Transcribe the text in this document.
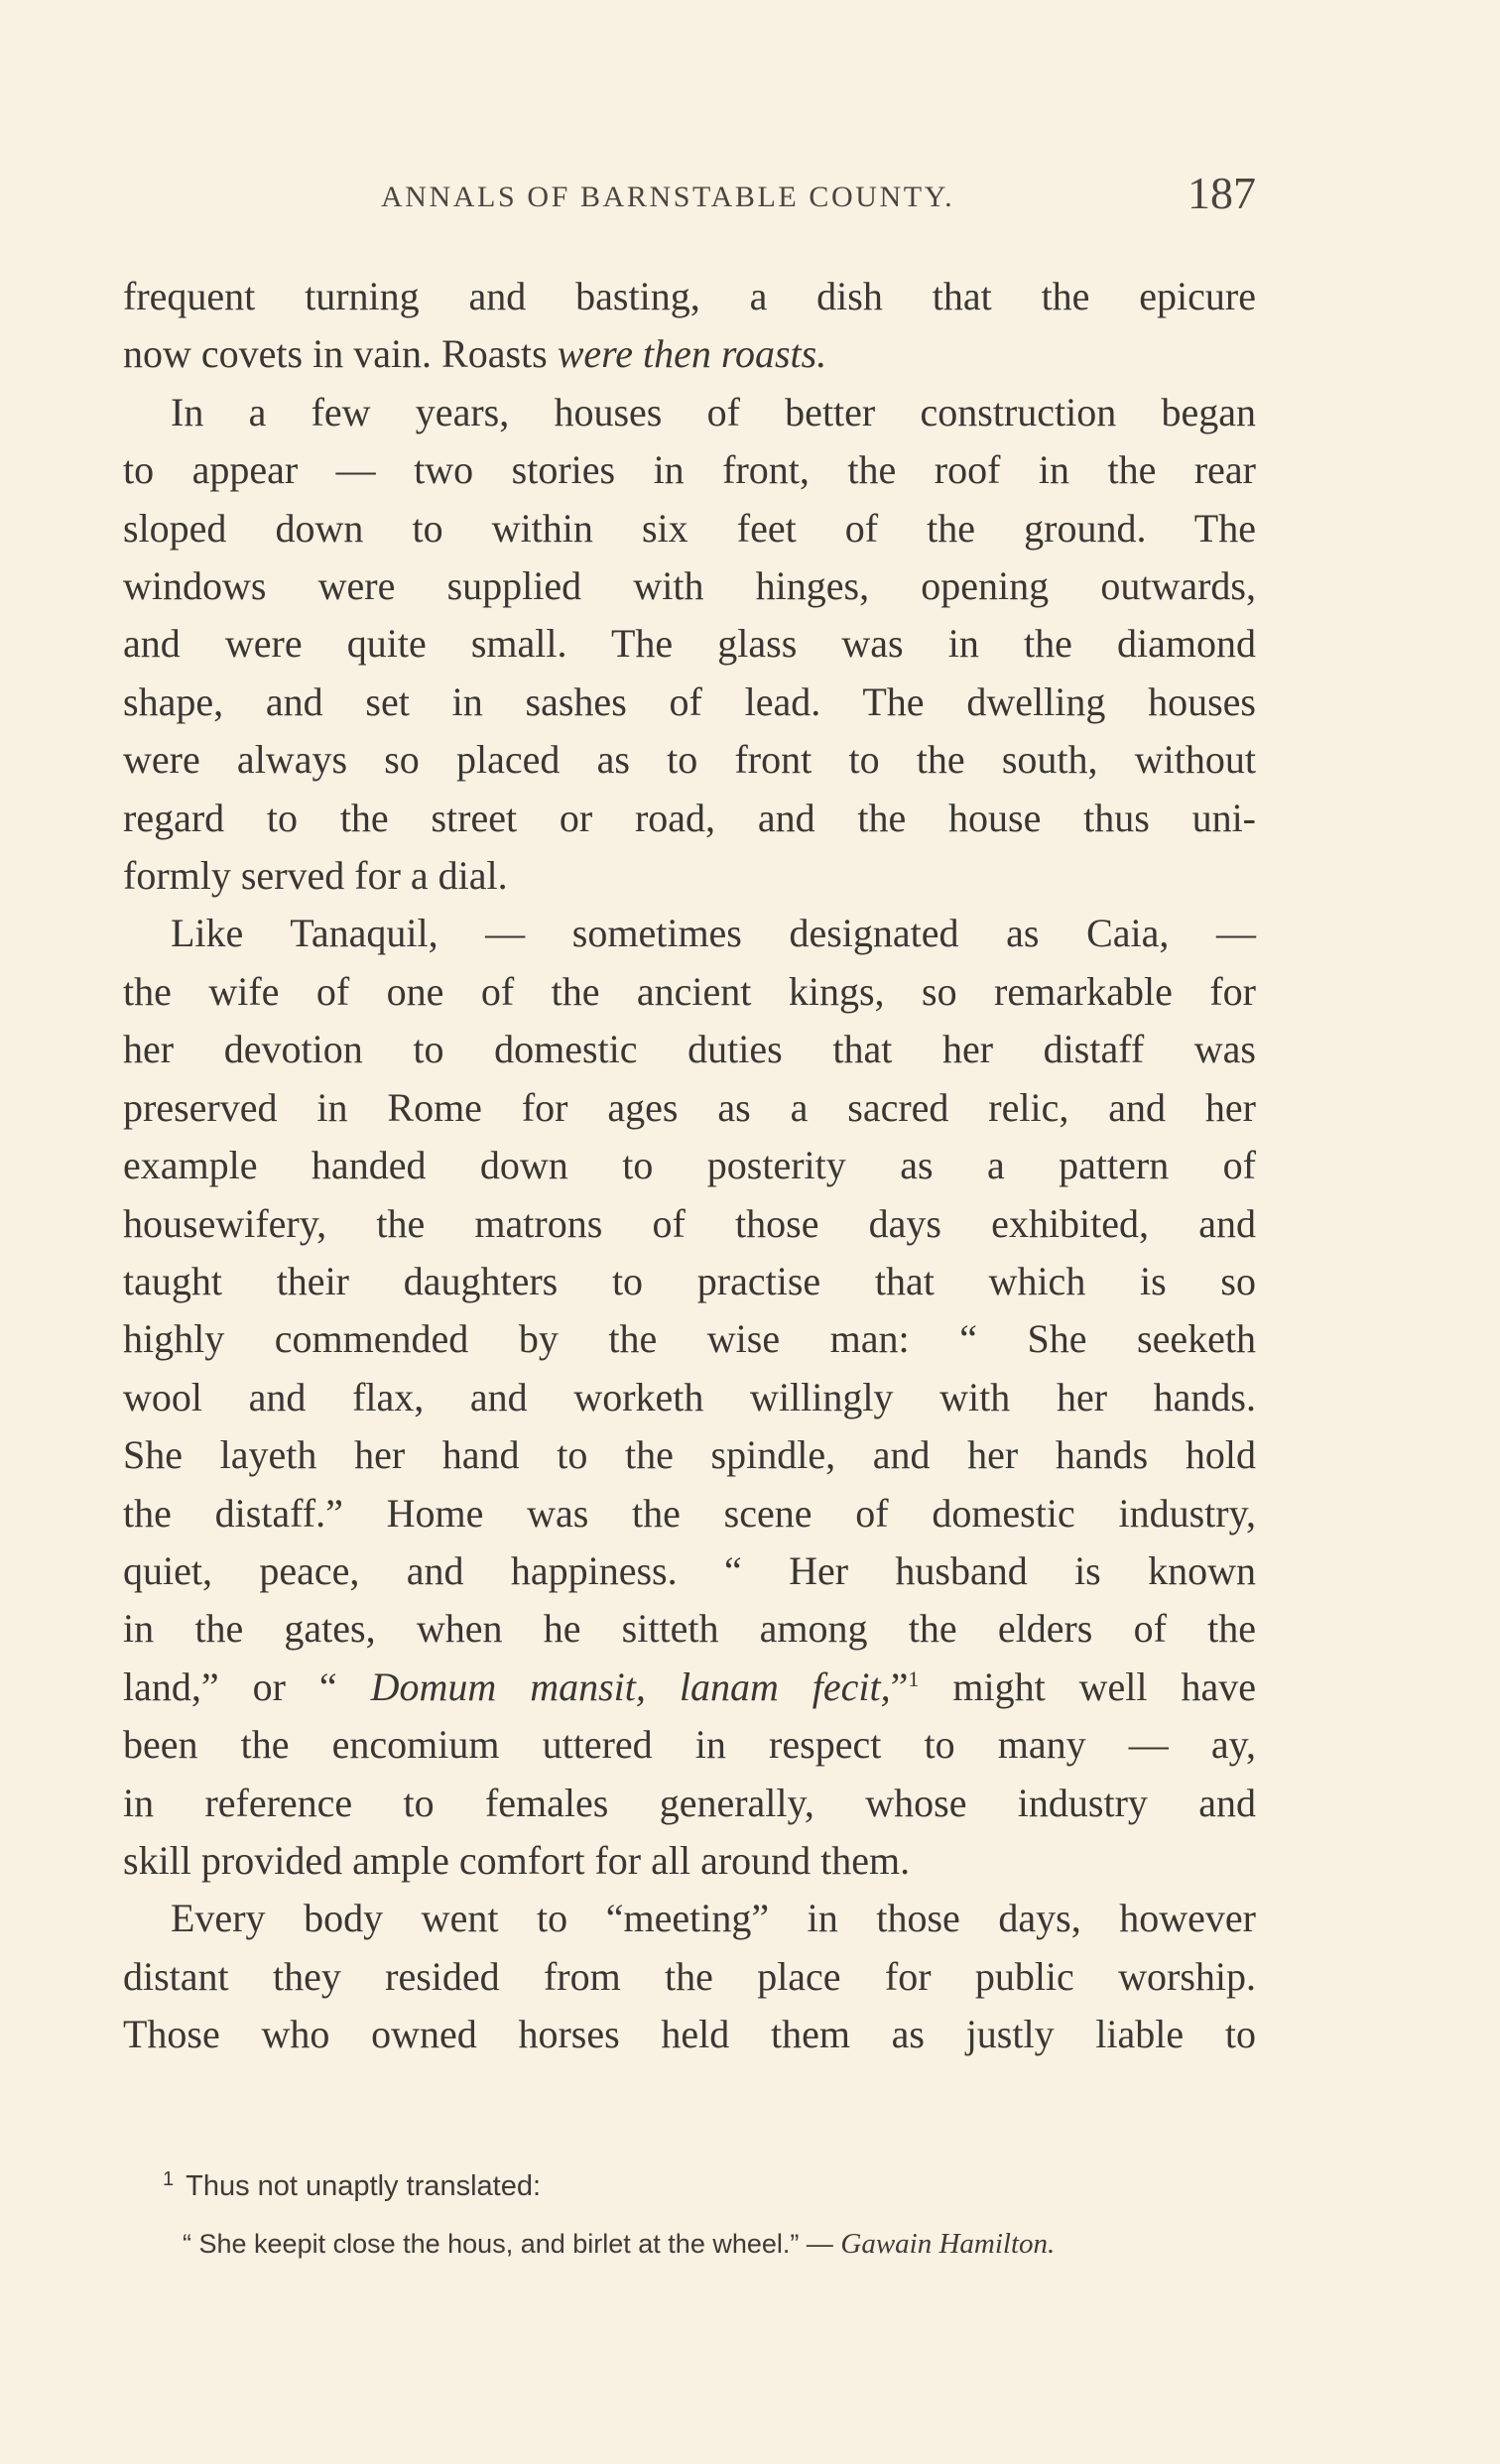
ANNALS OF BARNSTABLE COUNTY.	187

frequent turning and basting, a dish that the epicure
now covets in vain. Roasts were then roasts.

In a few years, houses of better construction began
to appear — two stories in front, the roof in the rear
sloped down to within six feet of the ground. The
windows were supplied with hinges, opening outwards,
and were quite small. The glass was in the diamond
shape, and set in sashes of lead. The dwelling houses
were always so placed as to front to the south, without
regard to the street or road, and the house thus uni-
formly served for a dial.

Like Tanaquil, — sometimes designated as Caia, —
the wife of one of the ancient kings, so remarkable for
her devotion to domestic duties that her distaff was
preserved in Rome for ages as a sacred relic, and her
example handed down to posterity as a pattern of
housewifery, the matrons of those days exhibited, and
taught their daughters to practise that which is so
highly commended by the wise man: “ She seeketh
wool and flax, and worketh willingly with her hands.
She layeth her hand to the spindle, and her hands hold
the distaff.” Home was the scene of domestic industry,
quiet, peace, and happiness. “ Her husband is known
in the gates, when he sitteth among the elders of the
land,” or “ Domum mansit, lanam fecit,”$^1$ might well have
been the encomium uttered in respect to many — ay,
in reference to females generally, whose industry and
skill provided ample comfort for all around them.

Every body went to “meeting” in those days, however
distant they resided from the place for public worship.
Those who owned horses held them as justly liable to

$^1$ Thus not unaptly translated:
“ She keepit close the hous, and birlet at the wheel.” — Gawain Hamilton.
